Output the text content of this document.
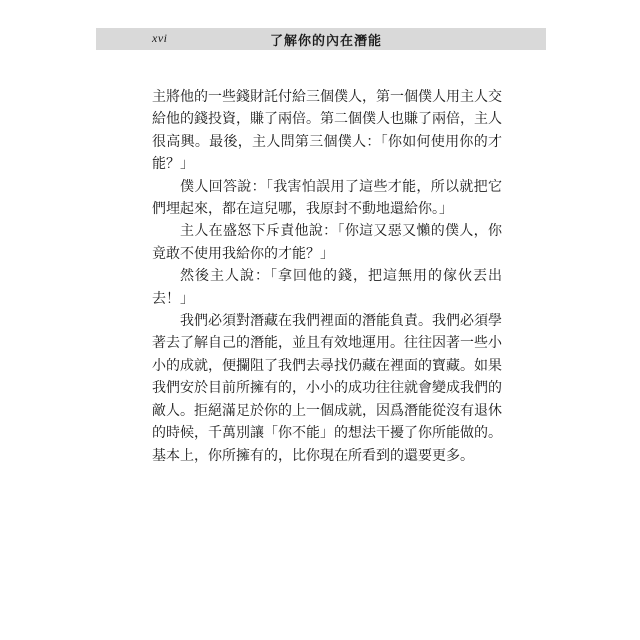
xvi	了解你的內在潛能

主將他的一些錢財託付給三個僕人，第一個僕人用主人交給他的錢投資，賺了兩倍。第二個僕人也賺了兩倍，主人很高興。最後，主人問第三個僕人：「你如何使用你的才能？」

僕人回答說：「我害怕誤用了這些才能，所以就把它們埋起來，都在這兒哪，我原封不動地還給你。」

主人在盛怒下斥責他說：「你這又惡又懶的僕人，你竟敢不使用我給你的才能？」

然後主人說：「拿回他的錢，把這無用的傢伙丟出去！」

我們必須對潛藏在我們裡面的潛能負責。我們必須學著去了解自己的潛能，並且有效地運用。往往因著一些小小的成就，便攔阻了我們去尋找仍藏在裡面的寶藏。如果我們安於目前所擁有的，小小的成功往往就會變成我們的敵人。拒絕滿足於你的上一個成就，因爲潛能從沒有退休的時候，千萬別讓「你不能」的想法干擾了你所能做的。基本上，你所擁有的，比你現在所看到的還要更多。
